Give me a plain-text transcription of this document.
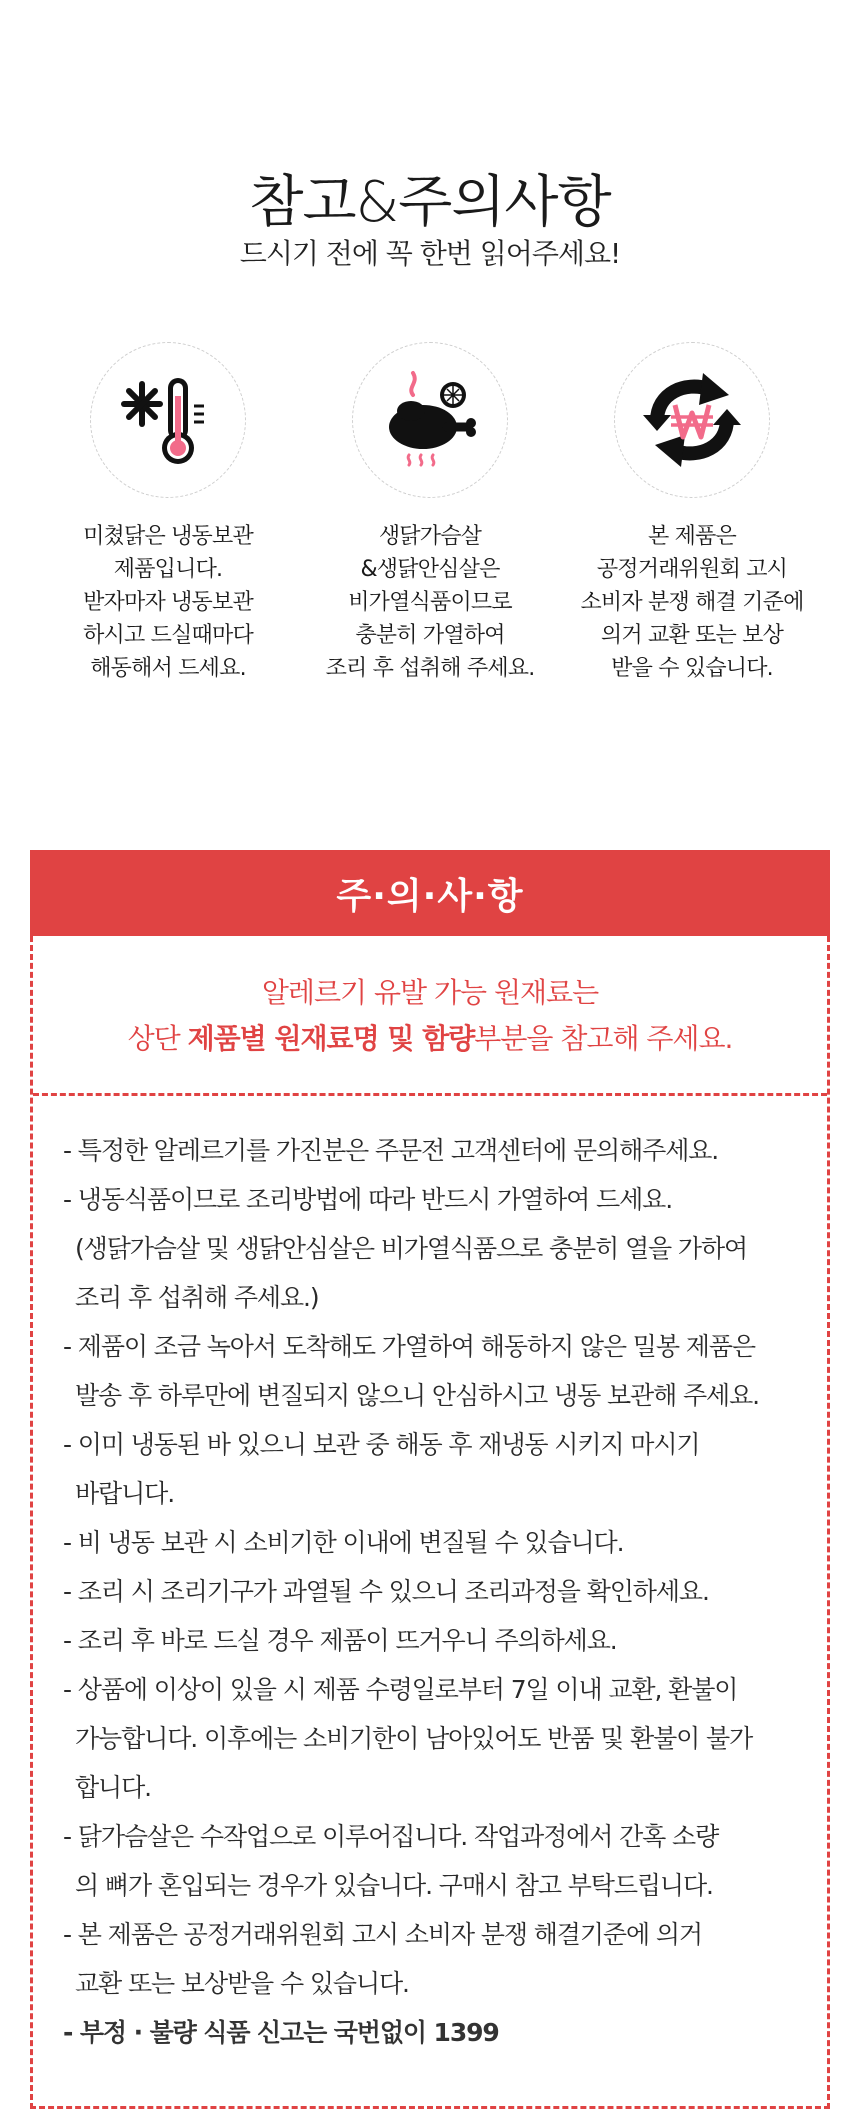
참고&주의사항
드시기 전에 꼭 한번 읽어주세요!
미쳤닭은 냉동보관
제품입니다.
받자마자 냉동보관
하시고 드실때마다
해동해서 드세요.
생닭가슴살
&생닭안심살은
비가열식품이므로
충분히 가열하여
조리 후 섭취해 주세요.
본 제품은
공정거래위원회 고시
소비자 분쟁 해결 기준에
의거 교환 또는 보상
받을 수 있습니다.
주·의·사·항
알레르기 유발 가능 원재료는
상단 제품별 원재료명 및 함량부분을 참고해 주세요.
- 특정한 알레르기를 가진분은 주문전 고객센터에 문의해주세요.
- 냉동식품이므로 조리방법에 따라 반드시 가열하여 드세요.
(생닭가슴살 및 생닭안심살은 비가열식품으로 충분히 열을 가하여
조리 후 섭취해 주세요.)
- 제품이 조금 녹아서 도착해도 가열하여 해동하지 않은 밀봉 제품은
발송 후 하루만에 변질되지 않으니 안심하시고 냉동 보관해 주세요.
- 이미 냉동된 바 있으니 보관 중 해동 후 재냉동 시키지 마시기
바랍니다.
- 비 냉동 보관 시 소비기한 이내에 변질될 수 있습니다.
- 조리 시 조리기구가 과열될 수 있으니 조리과정을 확인하세요.
- 조리 후 바로 드실 경우 제품이 뜨거우니 주의하세요.
- 상품에 이상이 있을 시 제품 수령일로부터 7일 이내 교환, 환불이
가능합니다. 이후에는 소비기한이 남아있어도 반품 및 환불이 불가
합니다.
- 닭가슴살은 수작업으로 이루어집니다. 작업과정에서 간혹 소량
의 뼈가 혼입되는 경우가 있습니다. 구매시 참고 부탁드립니다.
- 본 제품은 공정거래위원회 고시 소비자 분쟁 해결기준에 의거
교환 또는 보상받을 수 있습니다.
- 부정 · 불량 식품 신고는 국번없이 1399
